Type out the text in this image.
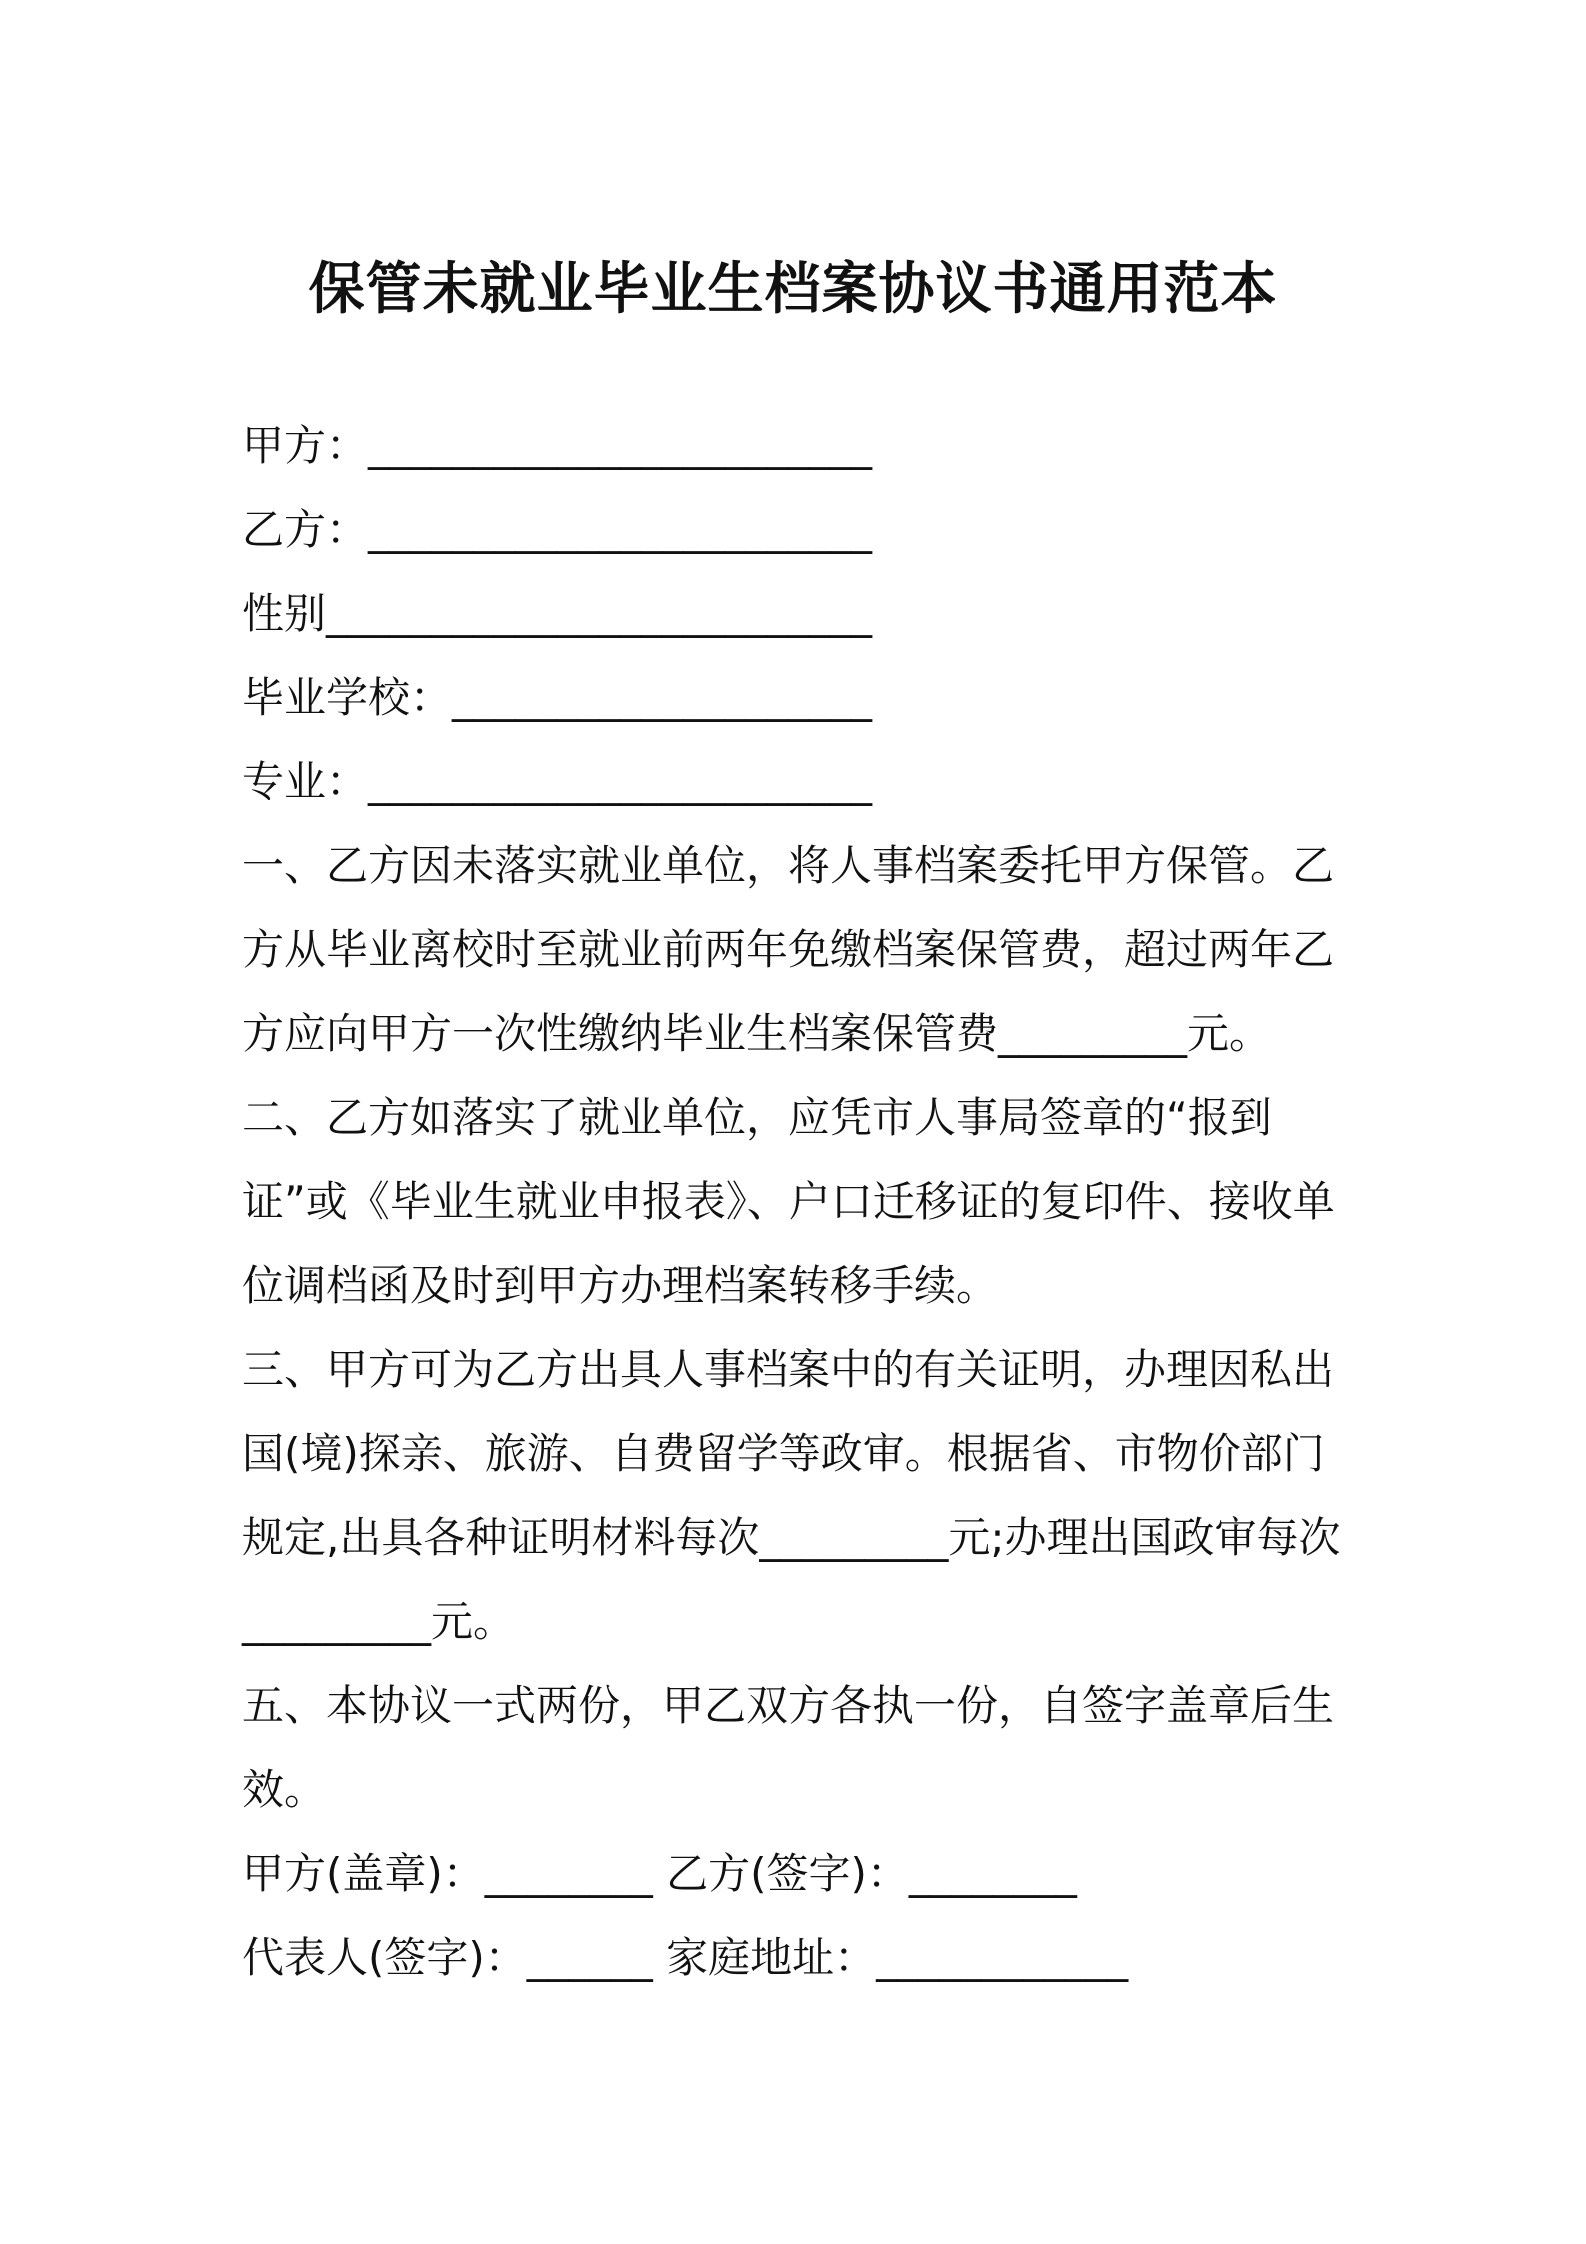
保管未就业毕业生档案协议书通用范本
甲方：________________________
乙方：________________________
性别__________________________
毕业学校：____________________
专业：________________________

一、乙方因未落实就业单位，将人事档案委托甲方保管。乙方从毕业离校时至就业前两年免缴档案保管费，超过两年乙方应向甲方一次性缴纳毕业生档案保管费_________元。

二、乙方如落实了就业单位，应凭市人事局签章的“报到证”或《毕业生就业申报表》、户口迁移证的复印件、接收单位调档函及时到甲方办理档案转移手续。

三、甲方可为乙方出具人事档案中的有关证明，办理因私出国(境)探亲、旅游、自费留学等政审。根据省、市物价部门规定,出具各种证明材料每次_________元;办理出国政审每次_________元。

五、本协议一式两份，甲乙双方各执一份，自签字盖章后生效。

甲方(盖章)：________ 乙方(签字)：________
代表人(签字)：______ 家庭地址：____________
